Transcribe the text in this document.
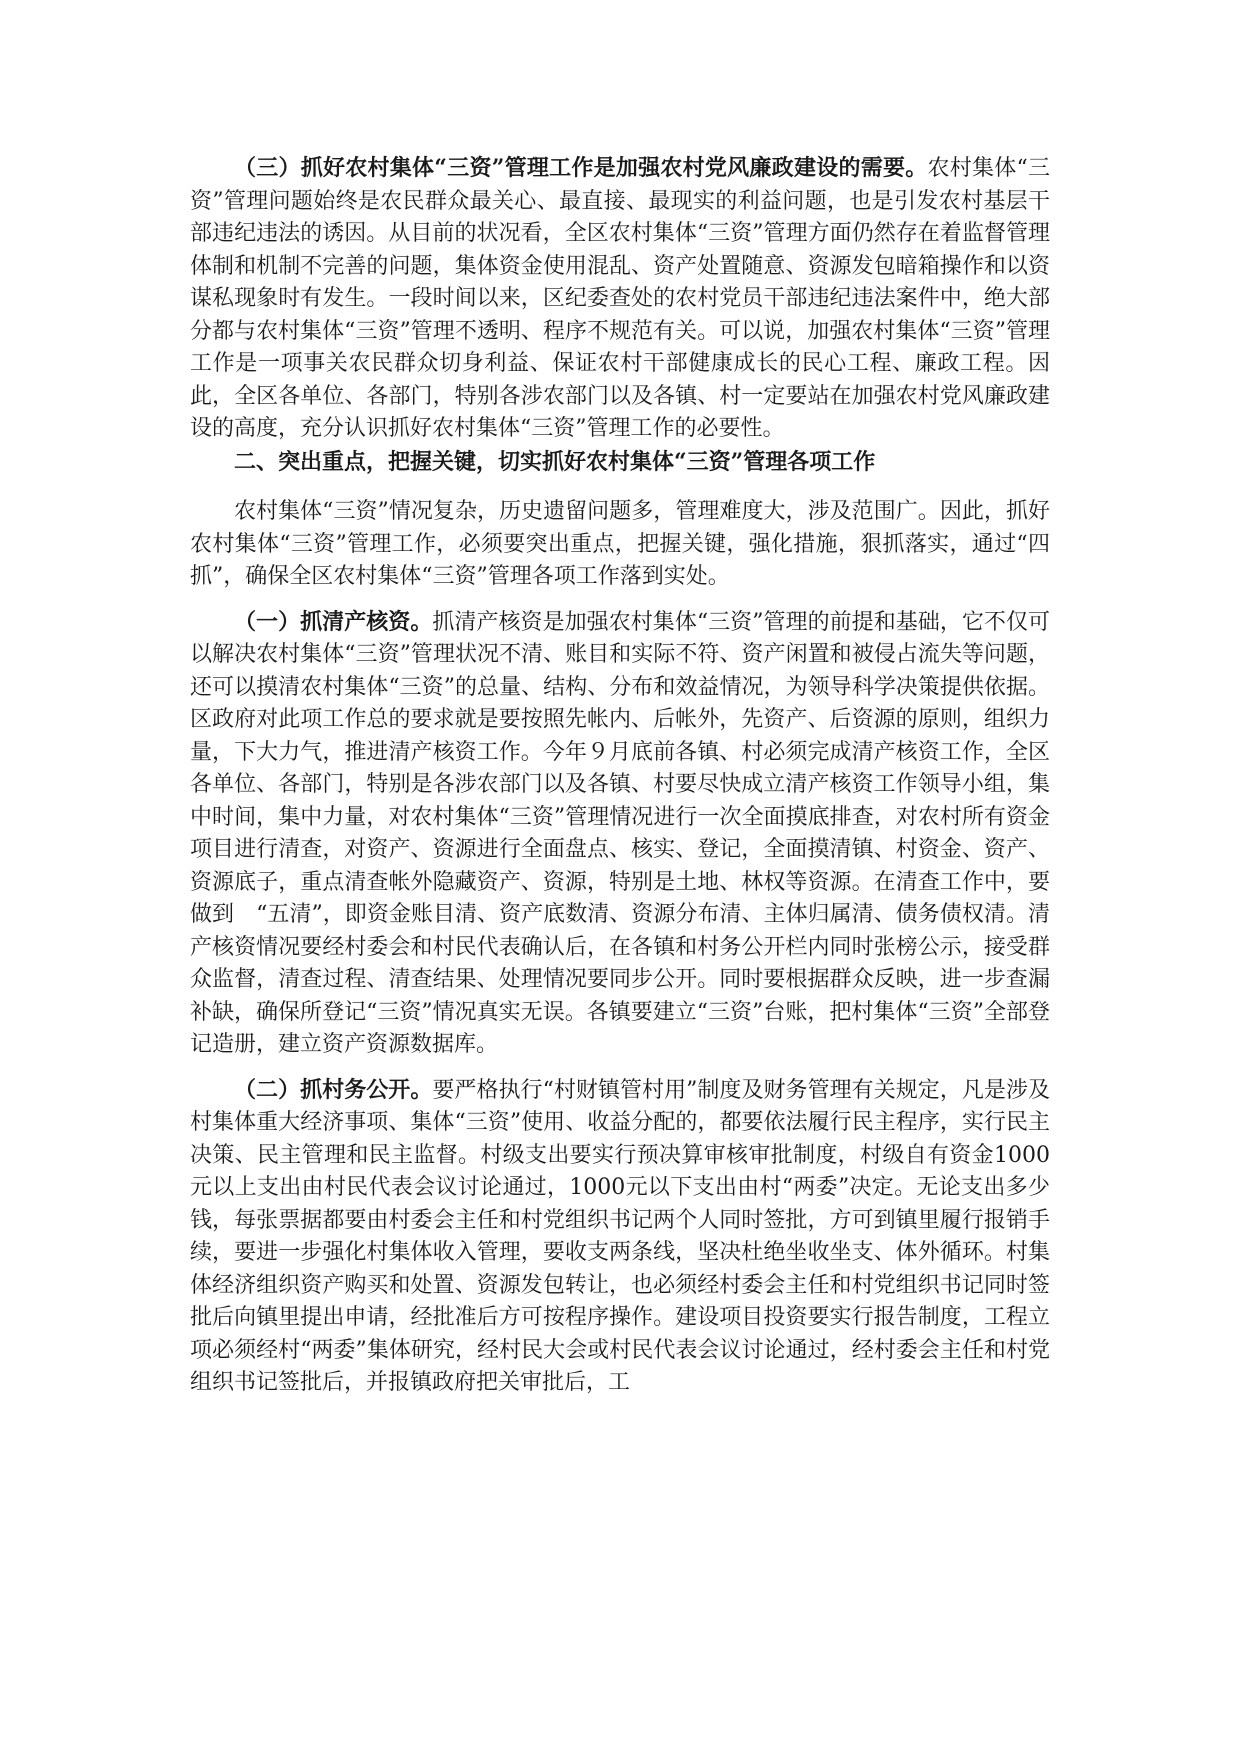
（三）抓好农村集体“三资”管理工作是加强农村党风廉政建设的需要。农村集体“三资”管理问题始终是农民群众最关心、最直接、最现实的利益问题，也是引发农村基层干部违纪违法的诱因。从目前的状况看，全区农村集体“三资”管理方面仍然存在着监督管理体制和机制不完善的问题，集体资金使用混乱、资产处置随意、资源发包暗箱操作和以资谋私现象时有发生。一段时间以来，区纪委查处的农村党员干部违纪违法案件中，绝大部分都与农村集体“三资”管理不透明、程序不规范有关。可以说，加强农村集体“三资”管理工作是一项事关农民群众切身利益、保证农村干部健康成长的民心工程、廉政工程。因此，全区各单位、各部门，特别各涉农部门以及各镇、村一定要站在加强农村党风廉政建设的高度，充分认识抓好农村集体“三资”管理工作的必要性。

二、突出重点，把握关键，切实抓好农村集体“三资”管理各项工作

农村集体“三资”情况复杂，历史遗留问题多，管理难度大，涉及范围广。因此，抓好农村集体“三资”管理工作，必须要突出重点，把握关键，强化措施，狠抓落实，通过“四抓”，确保全区农村集体“三资”管理各项工作落到实处。

（一）抓清产核资。抓清产核资是加强农村集体“三资”管理的前提和基础，它不仅可以解决农村集体“三资”管理状况不清、账目和实际不符、资产闲置和被侵占流失等问题，还可以摸清农村集体“三资”的总量、结构、分布和效益情况，为领导科学决策提供依据。区政府对此项工作总的要求就是要按照先帐内、后帐外，先资产、后资源的原则，组织力量，下大力气，推进清产核资工作。今年９月底前各镇、村必须完成清产核资工作，全区各单位、各部门，特别是各涉农部门以及各镇、村要尽快成立清产核资工作领导小组，集中时间，集中力量，对农村集体“三资”管理情况进行一次全面摸底排查，对农村所有资金项目进行清查，对资产、资源进行全面盘点、核实、登记，全面摸清镇、村资金、资产、资源底子，重点清查帐外隐藏资产、资源，特别是土地、林权等资源。在清查工作中，要做到　“五清”，即资金账目清、资产底数清、资源分布清、主体归属清、债务债权清。清产核资情况要经村委会和村民代表确认后，在各镇和村务公开栏内同时张榜公示，接受群众监督，清查过程、清查结果、处理情况要同步公开。同时要根据群众反映，进一步查漏补缺，确保所登记“三资”情况真实无误。各镇要建立“三资”台账，把村集体“三资”全部登记造册，建立资产资源数据库。

（二）抓村务公开。要严格执行“村财镇管村用”制度及财务管理有关规定，凡是涉及村集体重大经济事项、集体“三资”使用、收益分配的，都要依法履行民主程序，实行民主决策、民主管理和民主监督。村级支出要实行预决算审核审批制度，村级自有资金1000元以上支出由村民代表会议讨论通过，1000元以下支出由村“两委”决定。无论支出多少钱，每张票据都要由村委会主任和村党组织书记两个人同时签批，方可到镇里履行报销手续，要进一步强化村集体收入管理，要收支两条线，坚决杜绝坐收坐支、体外循环。村集体经济组织资产购买和处置、资源发包转让，也必须经村委会主任和村党组织书记同时签批后向镇里提出申请，经批准后方可按程序操作。建设项目投资要实行报告制度，工程立项必须经村“两委”集体研究，经村民大会或村民代表会议讨论通过，经村委会主任和村党组织书记签批后，并报镇政府把关审批后，工
